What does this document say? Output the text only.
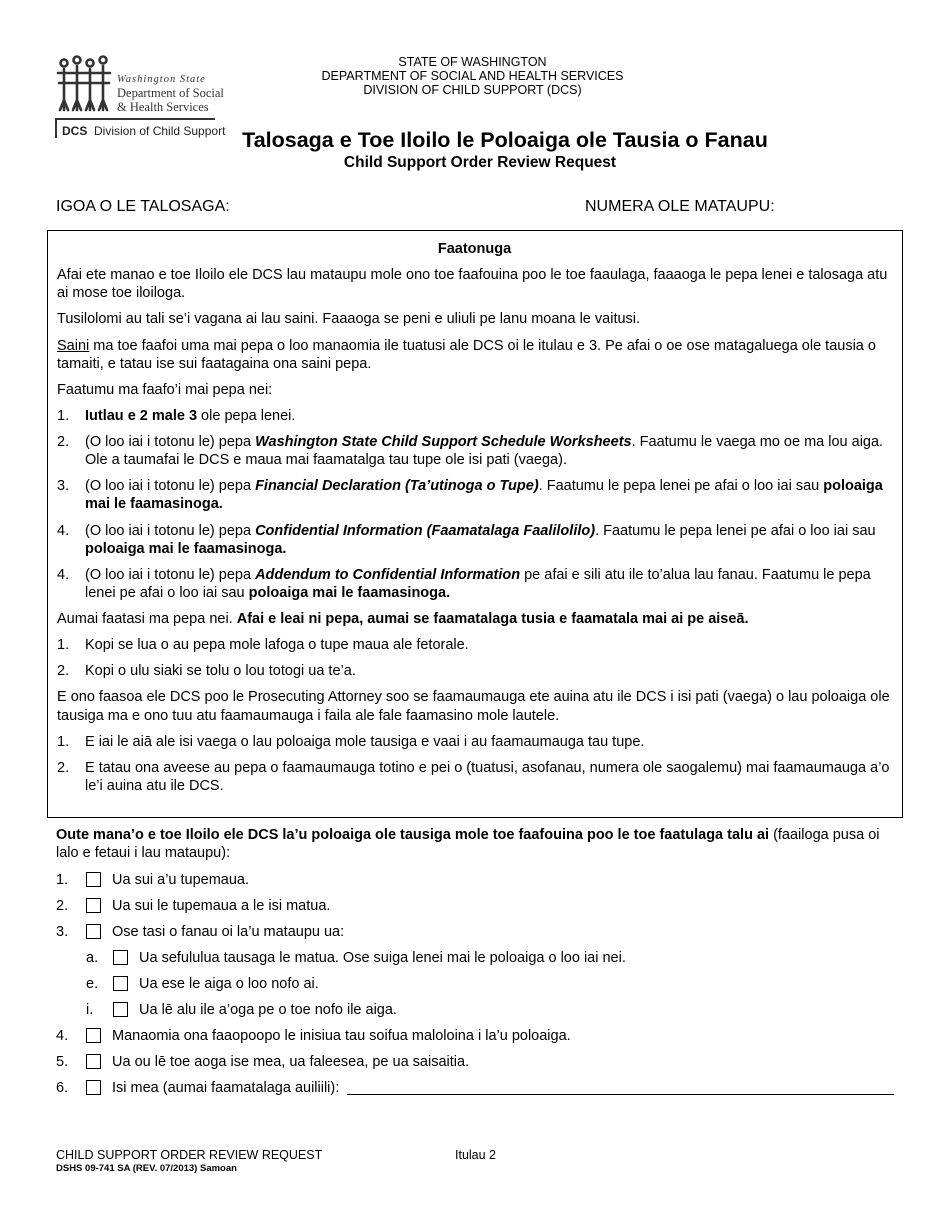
Washington State
Department of Social
& Health Services
DCS Division of Child Support
STATE OF WASHINGTON
DEPARTMENT OF SOCIAL AND HEALTH SERVICES
DIVISION OF CHILD SUPPORT (DCS)
Talosaga e Toe Iloilo le Poloaiga ole Tausia o Fanau
Child Support Order Review Request
IGOA O LE TALOSAGA:	NUMERA OLE MATAUPU:
Faatonuga
Afai ete manao e toe Iloilo ele DCS lau mataupu mole ono toe faafouina poo le toe faaulaga, faaaoga le pepa lenei e talosaga atu ai mose toe iloiloga.
Tusilolomi au tali se’i vagana ai lau saini. Faaaoga se peni e uliuli pe lanu moana le vaitusi.
Saini ma toe faafoi uma mai pepa o loo manaomia ile tuatusi ale DCS oi le itulau e 3. Pe afai o oe ose matagaluega ole tausia o tamaiti, e tatau ise sui faatagaina ona saini pepa.
Faatumu ma faafo’i mai pepa nei:
1.	Iutlau e 2 male 3 ole pepa lenei.
2.	(O loo iai i totonu le) pepa Washington State Child Support Schedule Worksheets. Faatumu le vaega mo oe ma lou aiga. Ole a taumafai le DCS e maua mai faamatalga tau tupe ole isi pati (vaega).
3.	(O loo iai i totonu le) pepa Financial Declaration (Ta’utinoga o Tupe). Faatumu le pepa lenei pe afai o loo iai sau poloaiga mai le faamasinoga.
4.	(O loo iai i totonu le) pepa Confidential Information (Faamatalaga Faalilolilo). Faatumu le pepa lenei pe afai o loo iai sau poloaiga mai le faamasinoga.
4.	(O loo iai i totonu le) pepa Addendum to Confidential Information pe afai e sili atu ile to’alua lau fanau. Faatumu le pepa lenei pe afai o loo iai sau poloaiga mai le faamasinoga.
Aumai faatasi ma pepa nei. Afai e leai ni pepa, aumai se faamatalaga tusia e faamatala mai ai pe aiseā.
1.	Kopi se lua o au pepa mole lafoga o tupe maua ale fetorale.
2.	Kopi o ulu siaki se tolu o lou totogi ua te’a.
E ono faasoa ele DCS poo le Prosecuting Attorney soo se faamaumauga ete auina atu ile DCS i isi pati (vaega) o lau poloaiga ole tausiga ma e ono tuu atu faamaumauga i faila ale fale faamasino mole lautele.
1.	E iai le aiā ale isi vaega o lau poloaiga mole tausiga e vaai i au faamaumauga tau tupe.
2.	E tatau ona aveese au pepa o faamaumauga totino e pei o (tuatusi, asofanau, numera ole saogalemu) mai faamaumauga a’o le’i auina atu ile DCS.
Oute mana’o e toe Iloilo ele DCS la’u poloaiga ole tausiga mole toe faafouina poo le toe faatulaga talu ai (faailoga pusa oi lalo e fetaui i lau mataupu):
1.	Ua sui a’u tupemaua.
2.	Ua sui le tupemaua a le isi matua.
3.	Ose tasi o fanau oi la’u mataupu ua:
a.	Ua sefululua tausaga le matua. Ose suiga lenei mai le poloaiga o loo iai nei.
e.	Ua ese le aiga o loo nofo ai.
i.	Ua lē alu ile a’oga pe o toe nofo ile aiga.
4.	Manaomia ona faaopoopo le inisiua tau soifua maloloina i la’u poloaiga.
5.	Ua ou lē toe aoga ise mea, ua faleesea, pe ua saisaitia.
6.	Isi mea (aumai faamatalaga auiliili):
CHILD SUPPORT ORDER REVIEW REQUEST
DSHS 09-741 SA (REV. 07/2013) Samoan
Itulau 2
